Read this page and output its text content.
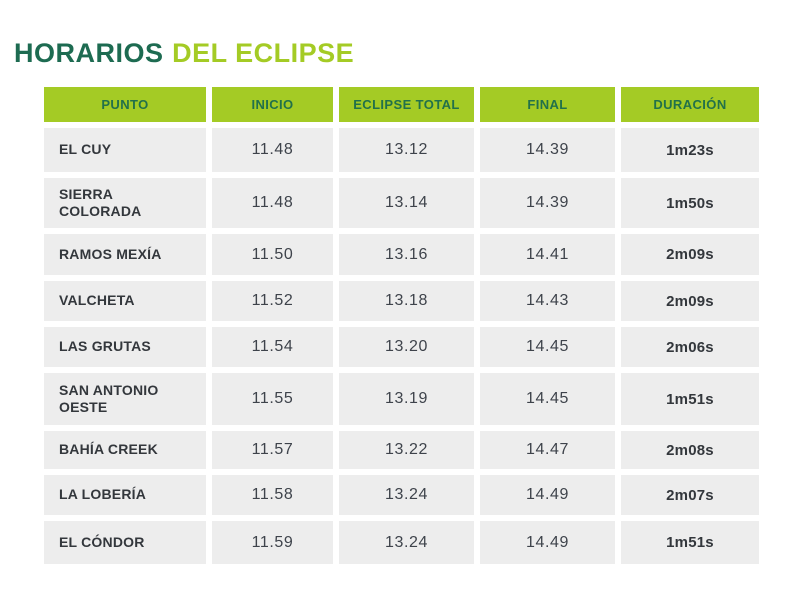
HORARIOS DEL ECLIPSE
PUNTO	INICIO	ECLIPSE TOTAL	FINAL	DURACIÓN
EL CUY	11.48	13.12	14.39	1m23s
SIERRA COLORADA	11.48	13.14	14.39	1m50s
RAMOS MEXÍA	11.50	13.16	14.41	2m09s
VALCHETA	11.52	13.18	14.43	2m09s
LAS GRUTAS	11.54	13.20	14.45	2m06s
SAN ANTONIO OESTE	11.55	13.19	14.45	1m51s
BAHÍA CREEK	11.57	13.22	14.47	2m08s
LA LOBERÍA	11.58	13.24	14.49	2m07s
EL CÓNDOR	11.59	13.24	14.49	1m51s
